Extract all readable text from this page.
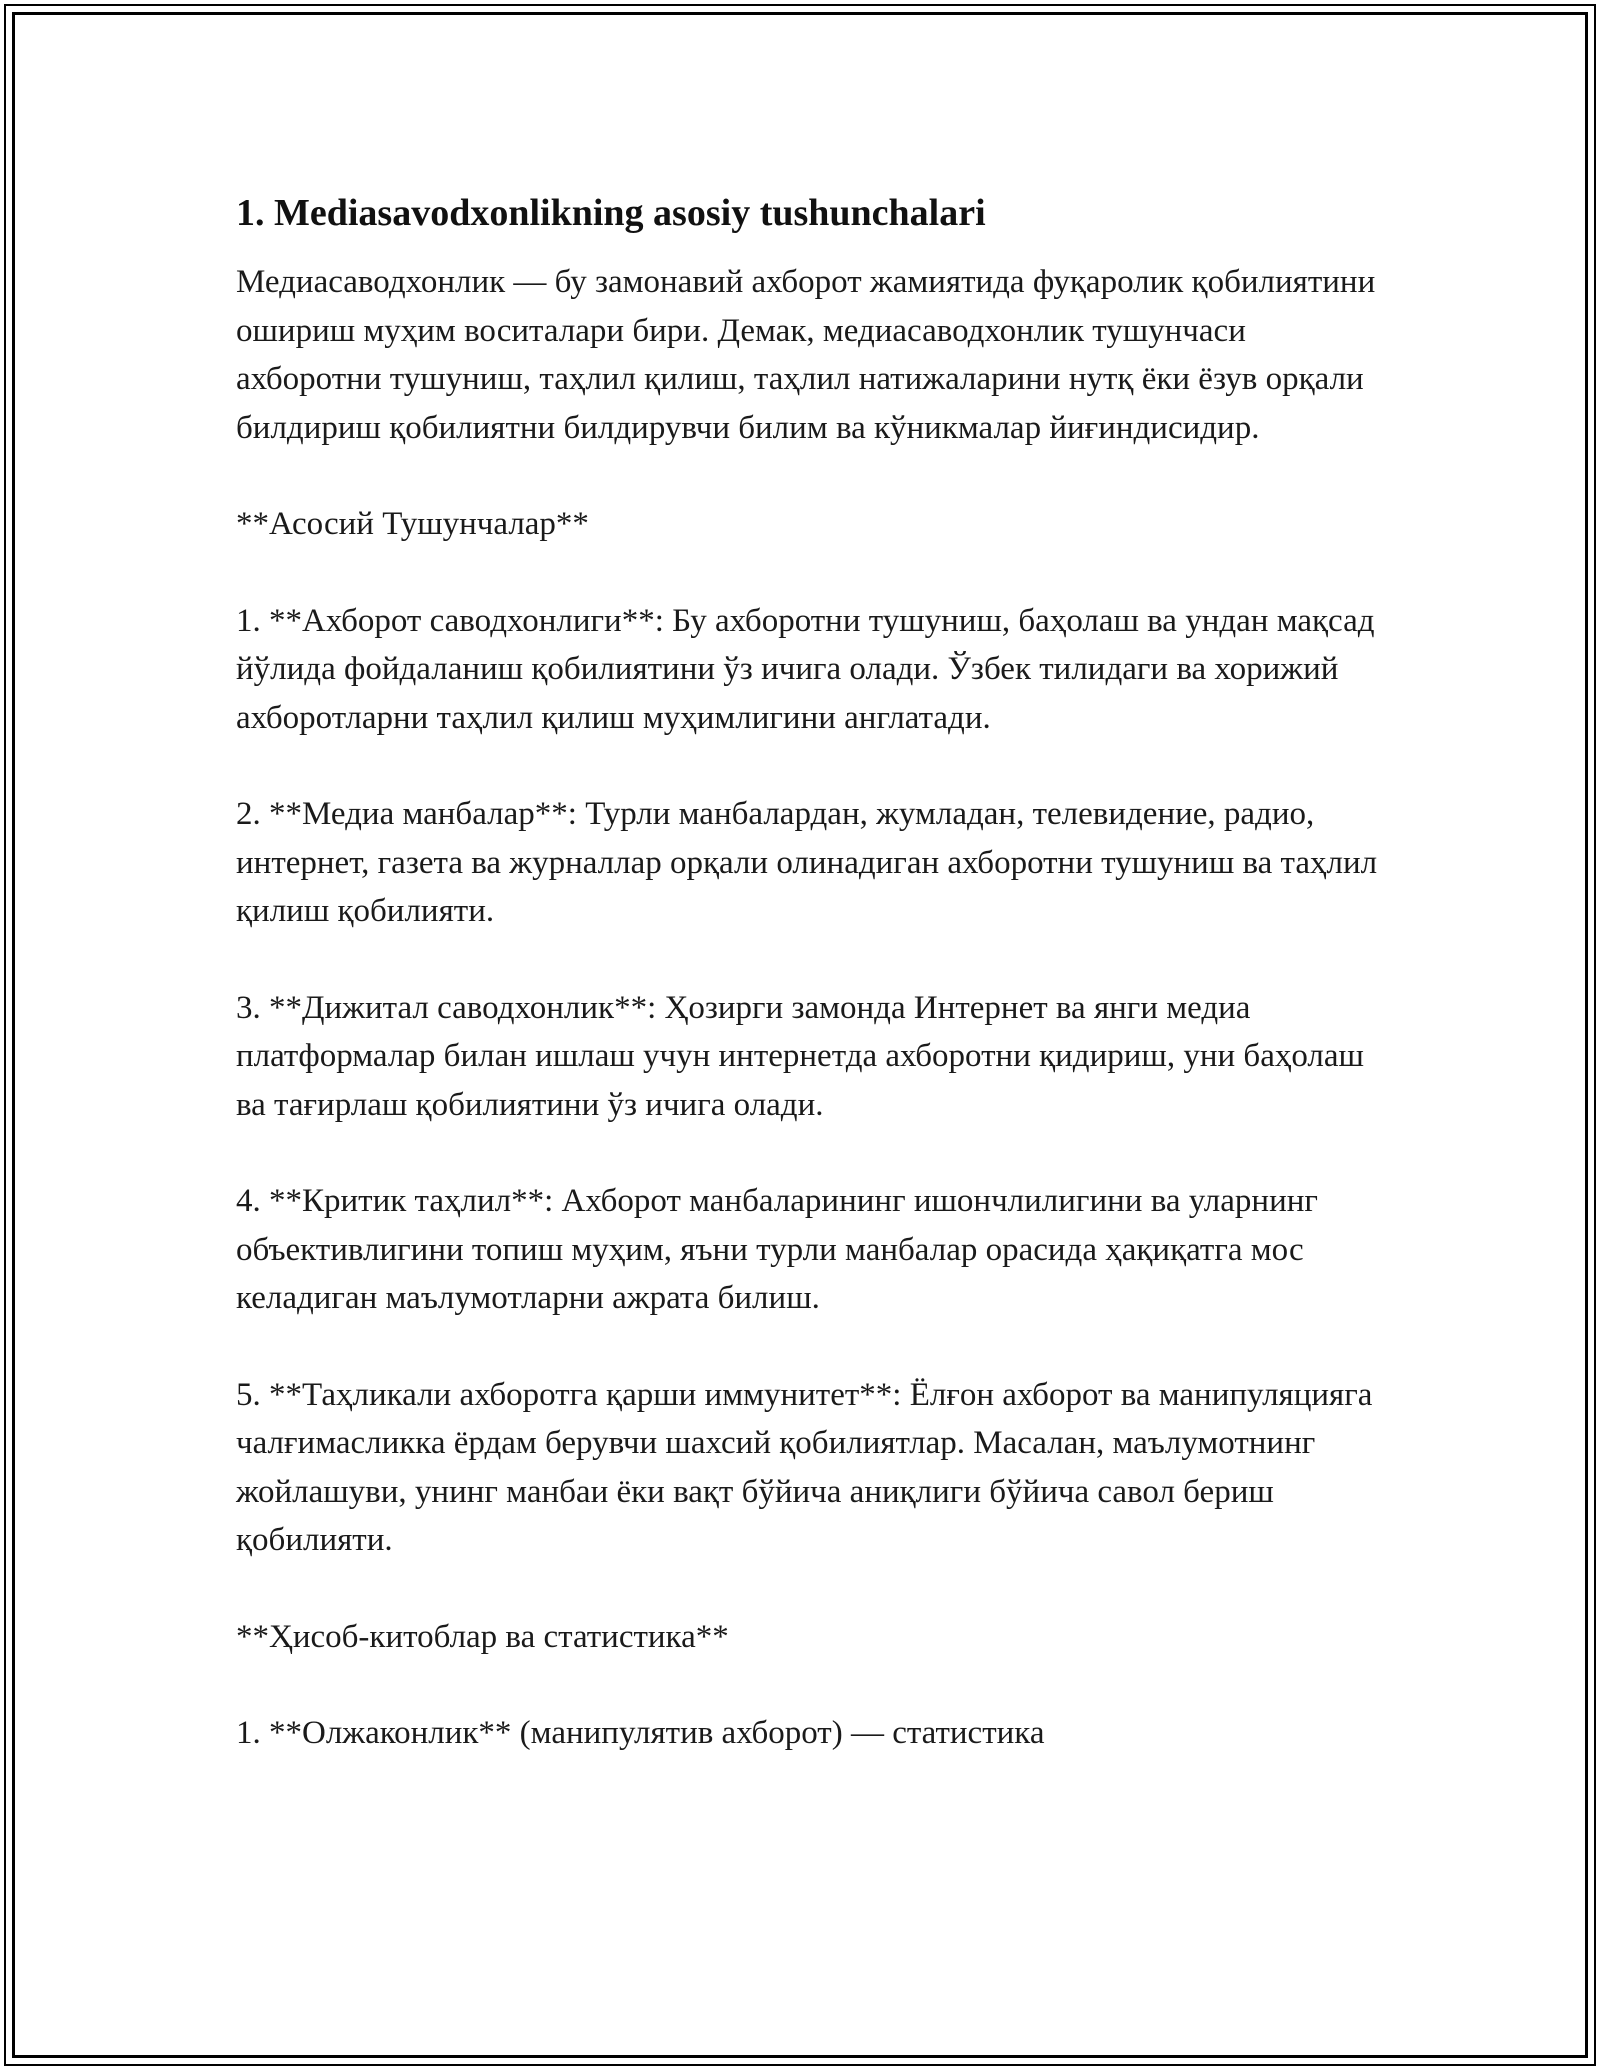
1. Mediasavodxonlikning asosiy tushunchalari

Медиасаводхонлик — бу замонавий ахборот жамиятида фуқаролик қобилиятини ошириш муҳим воситалари бири. Демак, медиасаводхонлик тушунчаси ахборотни тушуниш, таҳлил қилиш, таҳлил натижаларини нутқ ёки ёзув орқали билдириш қобилиятни билдирувчи билим ва кўникмалар йиғиндисидир.

**Асосий Тушунчалар**

1. **Ахборот саводхонлиги**: Бу ахборотни тушуниш, баҳолаш ва ундан мақсад йўлида фойдаланиш қобилиятини ўз ичига олади. Ўзбек тилидаги ва хорижий ахборотларни таҳлил қилиш муҳимлигини англатади.

2. **Медиа манбалар**: Турли манбалардан, жумладан, телевидение, радио, интернет, газета ва журналлар орқали олинадиган ахборотни тушуниш ва таҳлил қилиш қобилияти.

3. **Дижитал саводхонлик**: Ҳозирги замонда Интернет ва янги медиа платформалар билан ишлаш учун интернетда ахборотни қидириш, уни баҳолаш ва тағирлаш қобилиятини ўз ичига олади.

4. **Критик таҳлил**: Ахборот манбаларининг ишончлилигини ва уларнинг объективлигини топиш муҳим, яъни турли манбалар орасида ҳақиқатга мос келадиган маълумотларни ажрата билиш.

5. **Таҳликали ахборотга қарши иммунитет**: Ёлғон ахборот ва манипуляцияга чалғимасликка ёрдам берувчи шахсий қобилиятлар. Масалан, маълумотнинг жойлашуви, унинг манбаи ёки вақт бўйича аниқлиги бўйича савол бериш қобилияти.

**Ҳисоб-китоблар ва статистика**

1. **Олжаконлик** (манипулятив ахборот) — статистика
